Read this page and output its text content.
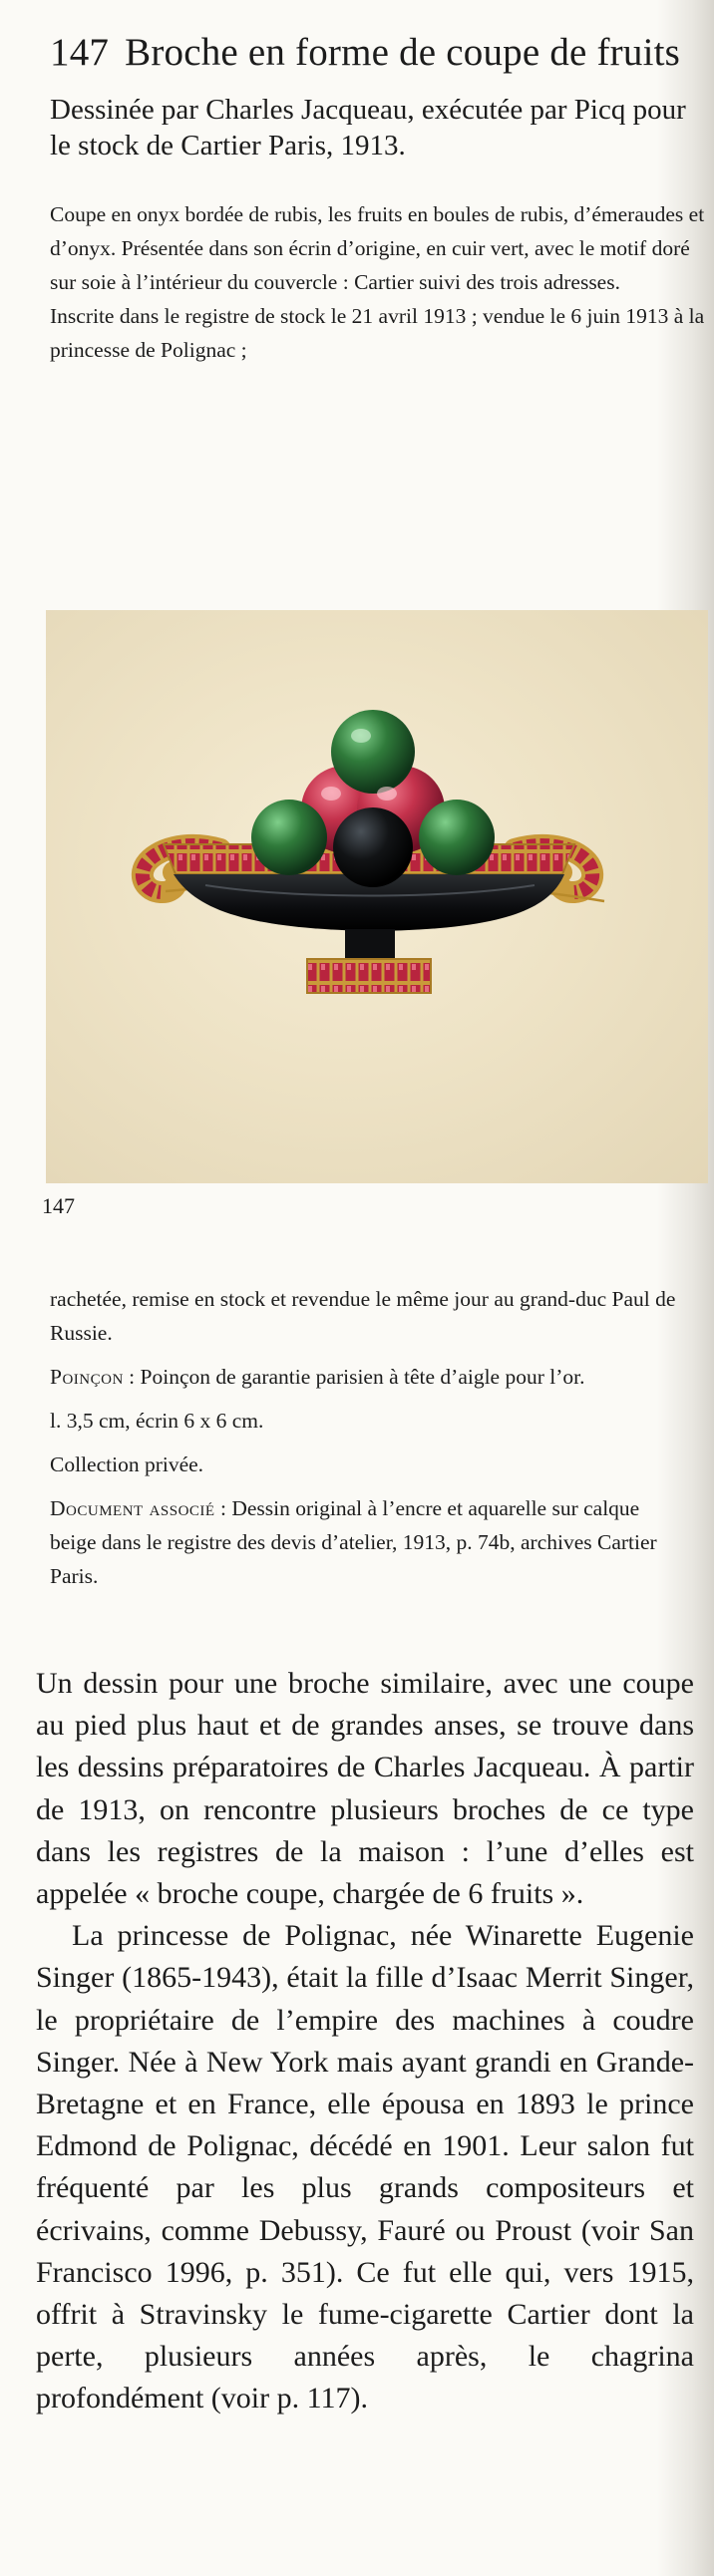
147 Broche en forme de coupe de fruits
Dessinée par Charles Jacqueau, exécutée par Picq pour le stock de Cartier Paris, 1913.

Coupe en onyx bordée de rubis, les fruits en boules de rubis, d’émeraudes et d’onyx. Présentée dans son écrin d’origine, en cuir vert, avec le motif doré sur soie à l’intérieur du couvercle : Cartier suivi des trois adresses.

Inscrite dans le registre de stock le 21 avril 1913 ; vendue le 6 juin 1913 à la princesse de Polignac ;

147

rachetée, remise en stock et revendue le même jour au grand-duc Paul de Russie.

Poinçon : Poinçon de garantie parisien à tête d’aigle pour l’or.

l. 3,5 cm, écrin 6 x 6 cm.

Collection privée.

Document associé : Dessin original à l’encre et aquarelle sur calque beige dans le registre des devis d’atelier, 1913, p. 74b, archives Cartier Paris.

Un dessin pour une broche similaire, avec une coupe au pied plus haut et de grandes anses, se trouve dans les dessins préparatoires de Charles Jacqueau. À partir de 1913, on rencontre plusieurs broches de ce type dans les registres de la maison : l’une d’elles est appelée « broche coupe, chargée de 6 fruits ».

La princesse de Polignac, née Winarette Eugenie Singer (1865-1943), était la fille d’Isaac Merrit Singer, le propriétaire de l’empire des machines à coudre Singer. Née à New York mais ayant grandi en Grande-Bretagne et en France, elle épousa en 1893 le prince Edmond de Polignac, décédé en 1901. Leur salon fut fréquenté par les plus grands compositeurs et écrivains, comme Debussy, Fauré ou Proust (voir San Francisco 1996, p. 351). Ce fut elle qui, vers 1915, offrit à Stravinsky le fume-cigarette Cartier dont la perte, plusieurs années après, le chagrina profondément (voir p. 117).
